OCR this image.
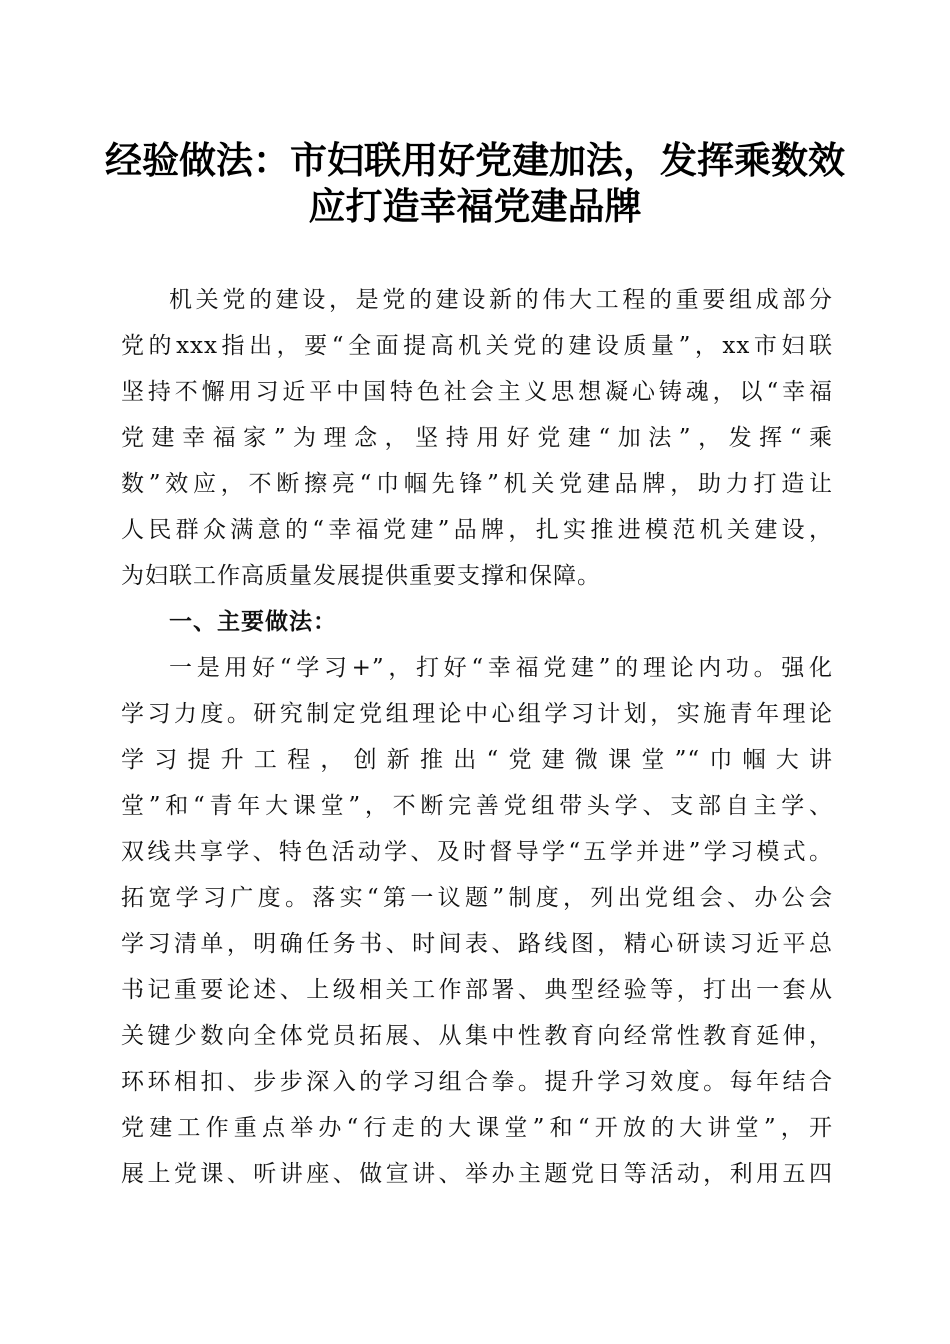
经验做法：市妇联用好党建加法，发挥乘数效
应打造幸福党建品牌
机关党的建设，是党的建设新的伟大工程的重要组成部分
党的xxx指出，要“全面提高机关党的建设质量”，xx市妇联
坚持不懈用习近平中国特色社会主义思想凝心铸魂，以“幸福
党建幸福家”为理念，坚持用好党建“加法”，发挥“乘
数”效应，不断擦亮“巾帼先锋”机关党建品牌，助力打造让
人民群众满意的“幸福党建”品牌，扎实推进模范机关建设，
为妇联工作高质量发展提供重要支撑和保障。
一、主要做法：
一是用好“学习+”，打好“幸福党建”的理论内功。强化
学习力度。研究制定党组理论中心组学习计划，实施青年理论
学习提升工程，创新推出“党建微课堂”“巾帼大讲
堂”和“青年大课堂”，不断完善党组带头学、支部自主学、
双线共享学、特色活动学、及时督导学“五学并进”学习模式。
拓宽学习广度。落实“第一议题”制度，列出党组会、办公会
学习清单，明确任务书、时间表、路线图，精心研读习近平总
书记重要论述、上级相关工作部署、典型经验等，打出一套从
关键少数向全体党员拓展、从集中性教育向经常性教育延伸，
环环相扣、步步深入的学习组合拳。提升学习效度。每年结合
党建工作重点举办“行走的大课堂”和“开放的大讲堂”，开
展上党课、听讲座、做宣讲、举办主题党日等活动，利用五四
